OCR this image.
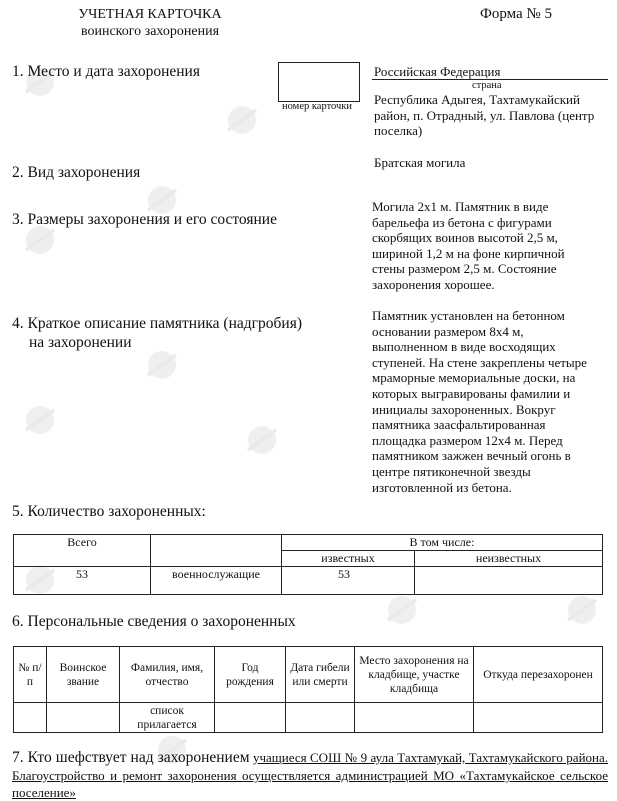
УЧЕТНАЯ КАРТОЧКА
воинского захоронения
Форма № 5
номер карточки
1. Место и дата захоронения	Российская Федерация
страна
Республика Адыгея, Тахтамукайский район, п. Отрадный, ул. Павлова (центр поселка)
2. Вид захоронения
Братская могила
3. Размеры захоронения и его состояние
Могила 2х1 м. Памятник в виде барельефа из бетона с фигурами скорбящих воинов высотой 2,5 м, шириной 1,2 м на фоне кирпичной стены размером 2,5 м. Состояние захоронения хорошее.
4. Краткое описание памятника (надгробия)
на захоронении
Памятник установлен на бетонном основании размером 8х4 м, выполненном в виде восходящих ступеней. На стене закреплены четыре мраморные мемориальные доски, на которых выгравированы фамилии и инициалы захороненных. Вокруг памятника заасфальтированная площадка размером 12х4 м. Перед памятником зажжен вечный огонь в центре пятиконечной звезды изготовленной из бетона.
5. Количество захороненных:
Всего		В том числе:	
		известных	неизвестных
53	военнослужащие	53	
6. Персональные сведения о захороненных
№ п/п	Воинское звание	Фамилия, имя, отчество	Год рождения	Дата гибели или смерти	Место захоронения на кладбище, участке кладбища	Откуда перезахоронен
		список прилагается				
7. Кто шефствует над захоронением учащиеся СОШ № 9 аула Тахтамукай, Тахтамукайского района. Благоустройство и ремонт захоронения осуществляется администрацией МО «Тахтамукайское сельское поселение»
